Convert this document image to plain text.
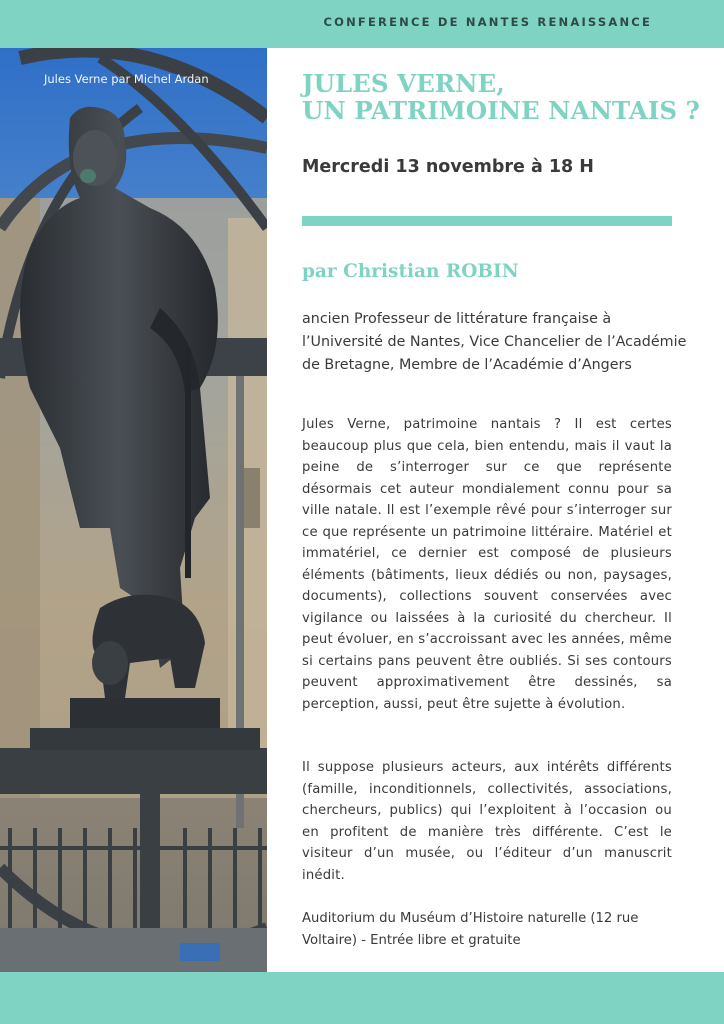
CONFERENCE DE NANTES RENAISSANCE
Jules Verne par Michel Ardan	JULES VERNE,
UN PATRIMOINE NANTAIS ?
Mercredi 13 novembre à 18 H
par Christian ROBIN
ancien Professeur de littérature française à l’Université de Nantes, Vice Chancelier de l’Académie de Bretagne, Membre de l’Académie d’Angers
Jules Verne, patrimoine nantais ? Il est certes beaucoup plus que cela, bien entendu, mais il vaut la peine de s’interroger sur ce que représente désormais cet auteur mondialement connu pour sa ville natale. Il est l’exemple rêvé pour s’interroger sur ce que représente un patrimoine littéraire. Matériel et immatériel, ce dernier est composé de plusieurs éléments (bâtiments, lieux dédiés ou non, paysages, documents), collections souvent conservées avec vigilance ou laissées à la curiosité du chercheur. Il peut évoluer, en s’accroissant avec les années, même si certains pans peuvent être oubliés. Si ses contours peuvent approximativement être dessinés, sa perception, aussi, peut être sujette à évolution.
Il suppose plusieurs acteurs, aux intérêts différents (famille, inconditionnels, collectivités, associations, chercheurs, publics) qui l’exploitent à l’occasion ou en profitent de manière très différente. C’est le visiteur d’un musée, ou l’éditeur d’un manuscrit inédit.
Auditorium du Muséum d’Histoire naturelle (12 rue Voltaire) - Entrée libre et gratuite
